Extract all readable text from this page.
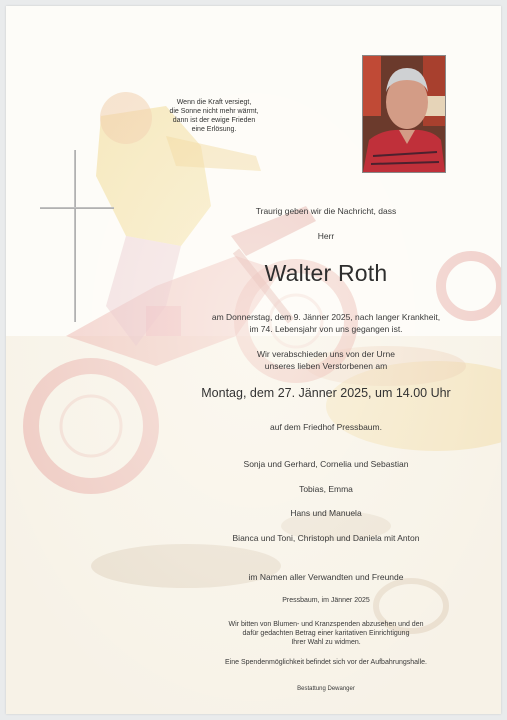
Wenn die Kraft versiegt,
die Sonne nicht mehr wärmt,
dann ist der ewige Frieden
eine Erlösung.
Traurig geben wir die Nachricht, dass
Herr
Walter Roth
am Donnerstag, dem 9. Jänner 2025, nach langer Krankheit,
im 74. Lebensjahr von uns gegangen ist.
Wir verabschieden uns von der Urne
unseres lieben Verstorbenen am
Montag, dem 27. Jänner 2025, um 14.00 Uhr
auf dem Friedhof Pressbaum.
Sonja und Gerhard, Cornelia und Sebastian
Tobias, Emma
Hans und Manuela
Bianca und Toni, Christoph und Daniela mit Anton
im Namen aller Verwandten und Freunde
Pressbaum, im Jänner 2025
Wir bitten von Blumen- und Kranzspenden abzusehen und den
dafür gedachten Betrag einer karitativen Einrichtigung
Ihrer Wahl zu widmen.
Eine Spendenmöglichkeit befindet sich vor der Aufbahrungshalle.
Bestattung Dewanger
